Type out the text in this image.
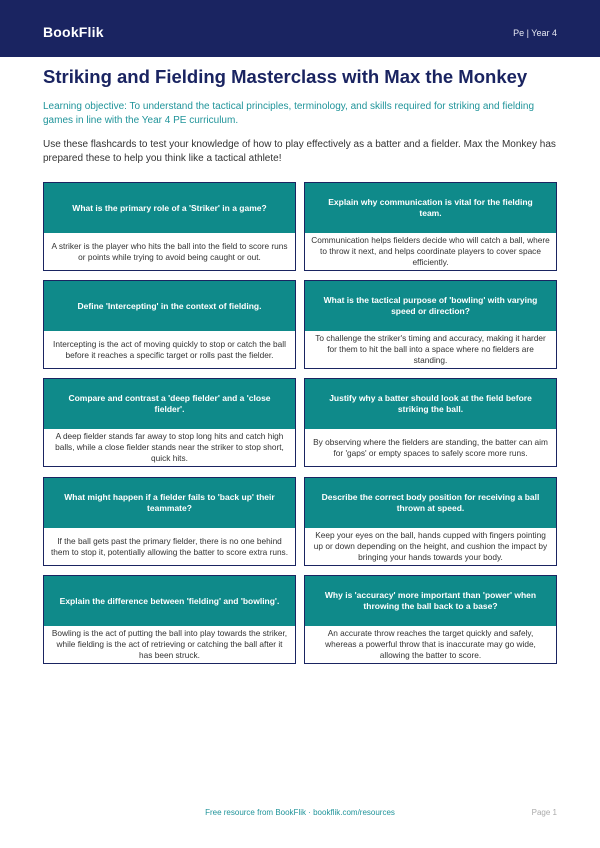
BookFlik	Pe | Year 4
Striking and Fielding Masterclass with Max the Monkey
Learning objective: To understand the tactical principles, terminology, and skills required for striking and fielding games in line with the Year 4 PE curriculum.
Use these flashcards to test your knowledge of how to play effectively as a batter and a fielder. Max the Monkey has prepared these to help you think like a tactical athlete!
What is the primary role of a 'Striker' in a game?
A striker is the player who hits the ball into the field to score runs or points while trying to avoid being caught or out.
Explain why communication is vital for the fielding team.
Communication helps fielders decide who will catch a ball, where to throw it next, and helps coordinate players to cover space efficiently.
Define 'Intercepting' in the context of fielding.
Intercepting is the act of moving quickly to stop or catch the ball before it reaches a specific target or rolls past the fielder.
What is the tactical purpose of 'bowling' with varying speed or direction?
To challenge the striker's timing and accuracy, making it harder for them to hit the ball into a space where no fielders are standing.
Compare and contrast a 'deep fielder' and a 'close fielder'.
A deep fielder stands far away to stop long hits and catch high balls, while a close fielder stands near the striker to stop short, quick hits.
Justify why a batter should look at the field before striking the ball.
By observing where the fielders are standing, the batter can aim for 'gaps' or empty spaces to safely score more runs.
What might happen if a fielder fails to 'back up' their teammate?
If the ball gets past the primary fielder, there is no one behind them to stop it, potentially allowing the batter to score extra runs.
Describe the correct body position for receiving a ball thrown at speed.
Keep your eyes on the ball, hands cupped with fingers pointing up or down depending on the height, and cushion the impact by bringing your hands towards your body.
Explain the difference between 'fielding' and 'bowling'.
Bowling is the act of putting the ball into play towards the striker, while fielding is the act of retrieving or catching the ball after it has been struck.
Why is 'accuracy' more important than 'power' when throwing the ball back to a base?
An accurate throw reaches the target quickly and safely, whereas a powerful throw that is inaccurate may go wide, allowing the batter to score.
Free resource from BookFlik · bookflik.com/resources	Page 1
